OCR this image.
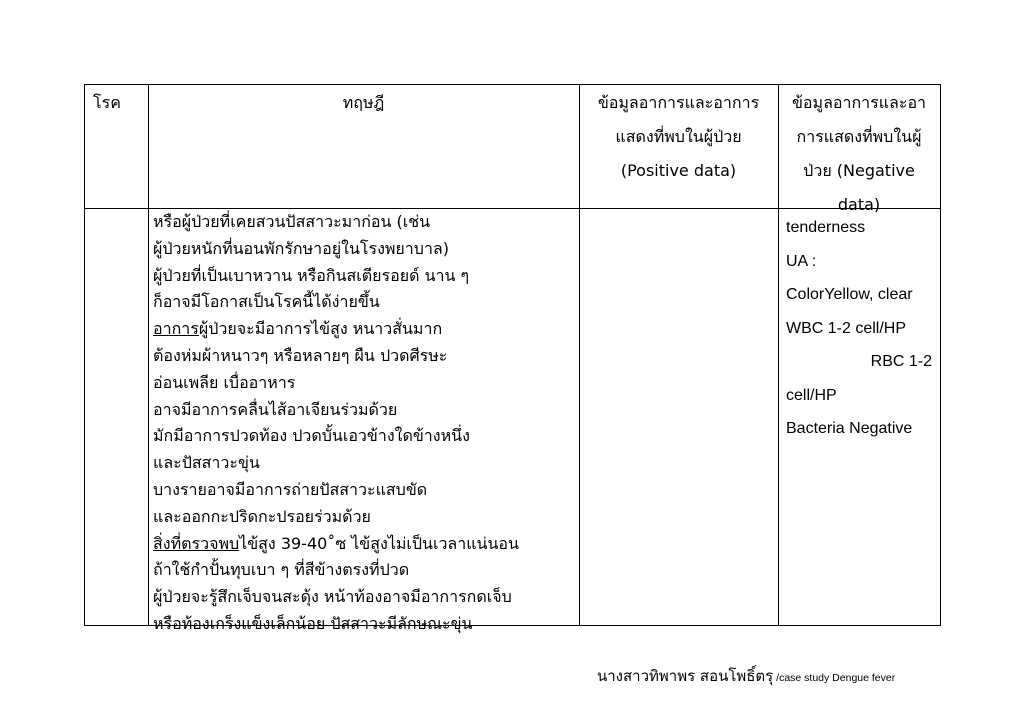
โรค	ทฤษฎี	ข้อมูลอาการและอาการ
แสดงที่พบในผู้ป่วย
(Positive data)
ข้อมูลอาการและอา
การแสดงที่พบในผู้
ป่วย (Negative
data)
หรือผู้ป่วยที่เคยสวนปัสสาวะมาก่อน (เช่น
ผู้ป่วยหนักที่นอนพักรักษาอยู่ในโรงพยาบาล)
ผู้ป่วยที่เป็นเบาหวาน หรือกินสเตียรอยด์ นาน ๆ
ก็อาจมีโอกาสเป็นโรคนี้ได้ง่ายขึ้น
อาการผู้ป่วยจะมีอาการไข้สูง หนาวสั่นมาก
ต้องห่มผ้าหนาวๆ หรือหลายๆ ผืน ปวดศีรษะ
อ่อนเพลีย เบื่ออาหาร
อาจมีอาการคลื่นไส้อาเจียนร่วมด้วย
มักมีอาการปวดท้อง ปวดบั้นเอวข้างใดข้างหนึ่ง
และปัสสาวะขุ่น
บางรายอาจมีอาการถ่ายปัสสาวะแสบขัด
และออกกะปริดกะปรอยร่วมด้วย
สิ่งที่ตรวจพบไข้สูง 39-40˚ซ ไข้สูงไม่เป็นเวลาแน่นอน
ถ้าใช้กำปั้นทุบเบา ๆ ที่สีข้างตรงที่ปวด
ผู้ป่วยจะรู้สึกเจ็บจนสะดุ้ง หน้าท้องอาจมีอาการกดเจ็บ
หรือท้องเกร็งแข็งเล็กน้อย ปัสสาวะมีลักษณะขุ่น
tenderness
UA :
ColorYellow, clear
WBC 1-2 cell/HP
RBC 1-2
cell/HP
Bacteria Negative
นางสาวทิพาพร สอนโพธิ์ตรุ /case study Dengue fever
